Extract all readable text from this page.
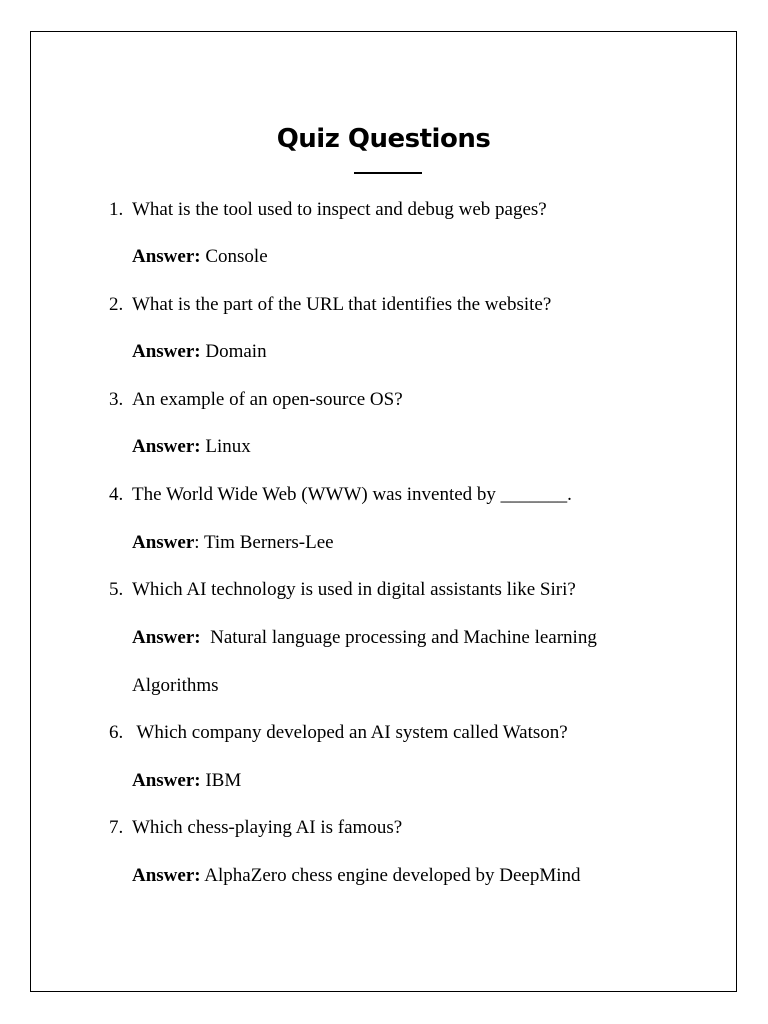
Quiz Questions
1. What is the tool used to inspect and debug web pages?
Answer: Console
2. What is the part of the URL that identifies the website?
Answer: Domain
3. An example of an open-source OS?
Answer: Linux
4. The World Wide Web (WWW) was invented by _______.
Answer: Tim Berners-Lee
5. Which AI technology is used in digital assistants like Siri?
Answer:  Natural language processing and Machine learning
Algorithms
6. Which company developed an AI system called Watson?
Answer: IBM
7. Which chess-playing AI is famous?
Answer: AlphaZero chess engine developed by DeepMind
